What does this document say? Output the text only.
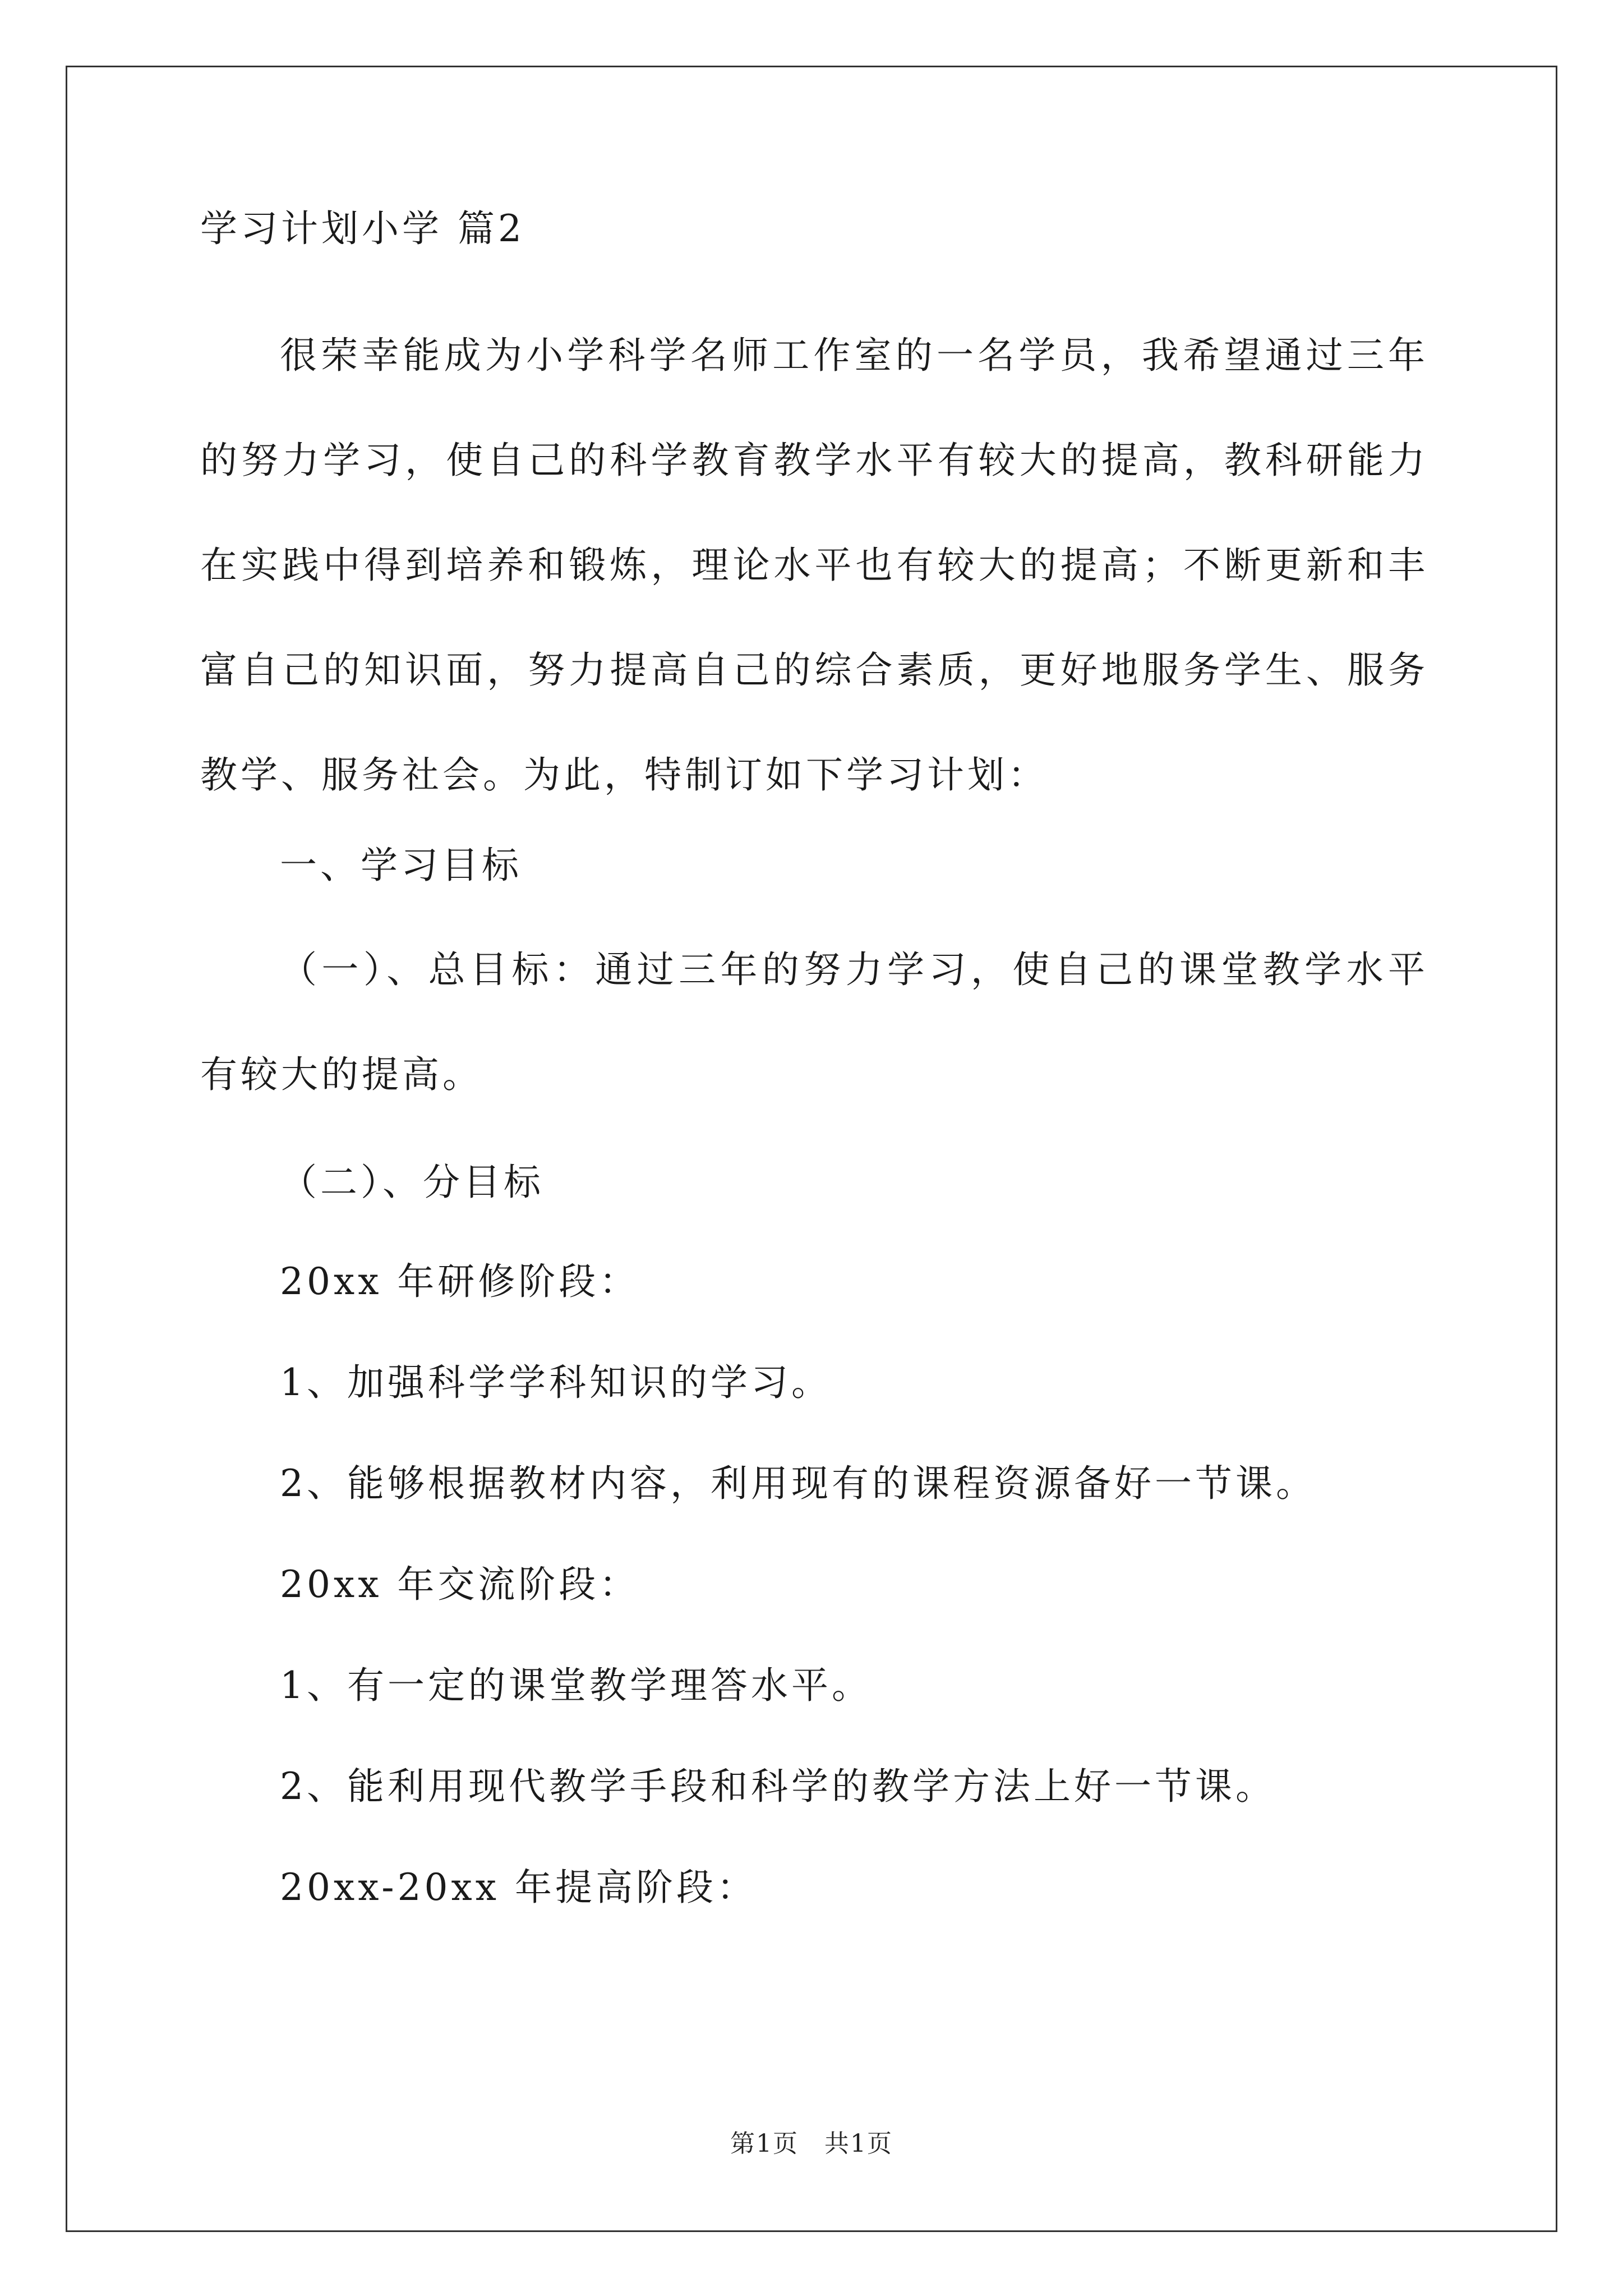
学习计划小学 篇2
很荣幸能成为小学科学名师工作室的一名学员，我希望通过三年的努力学习，使自己的科学教育教学水平有较大的提高，教科研能力在实践中得到培养和锻炼，理论水平也有较大的提高；不断更新和丰富自己的知识面，努力提高自己的综合素质，更好地服务学生、服务教学、服务社会。为此，特制订如下学习计划：
一、学习目标
（一）、总目标：通过三年的努力学习，使自己的课堂教学水平有较大的提高。
（二）、分目标
20xx 年研修阶段：
1、加强科学学科知识的学习。
2、能够根据教材内容，利用现有的课程资源备好一节课。
20xx 年交流阶段：
1、有一定的课堂教学理答水平。
2、能利用现代教学手段和科学的教学方法上好一节课。
20xx-20xx 年提高阶段：
第1页　共1页
